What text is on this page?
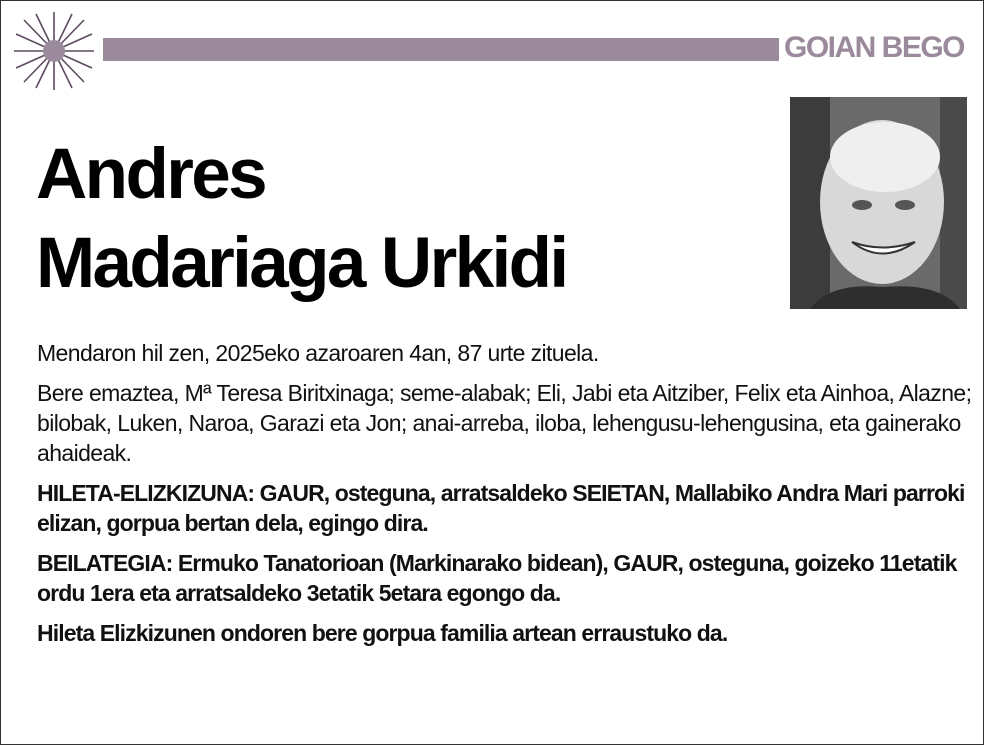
GOIAN BEGO
Andres
Madariaga Urkidi

Mendaron hil zen, 2025eko azaroaren 4an, 87 urte zituela.

Bere emaztea, Mª Teresa Biritxinaga; seme-alabak; Eli, Jabi eta Aitziber, Felix eta Ainhoa, Alazne; bilobak, Luken, Naroa, Garazi eta Jon; anai-arreba, iloba, lehengusu-lehengusina, eta gainerako ahaideak.

HILETA-ELIZKIZUNA: GAUR, osteguna, arratsaldeko SEIETAN, Mallabiko Andra Mari parroki elizan, gorpua bertan dela, egingo dira.

BEILATEGIA: Ermuko Tanatorioan (Markinarako bidean), GAUR, osteguna, goizeko 11etatik ordu 1era eta arratsaldeko 3etatik 5etara egongo da.

Hileta Elizkizunen ondoren bere gorpua familia artean erraustuko da.
